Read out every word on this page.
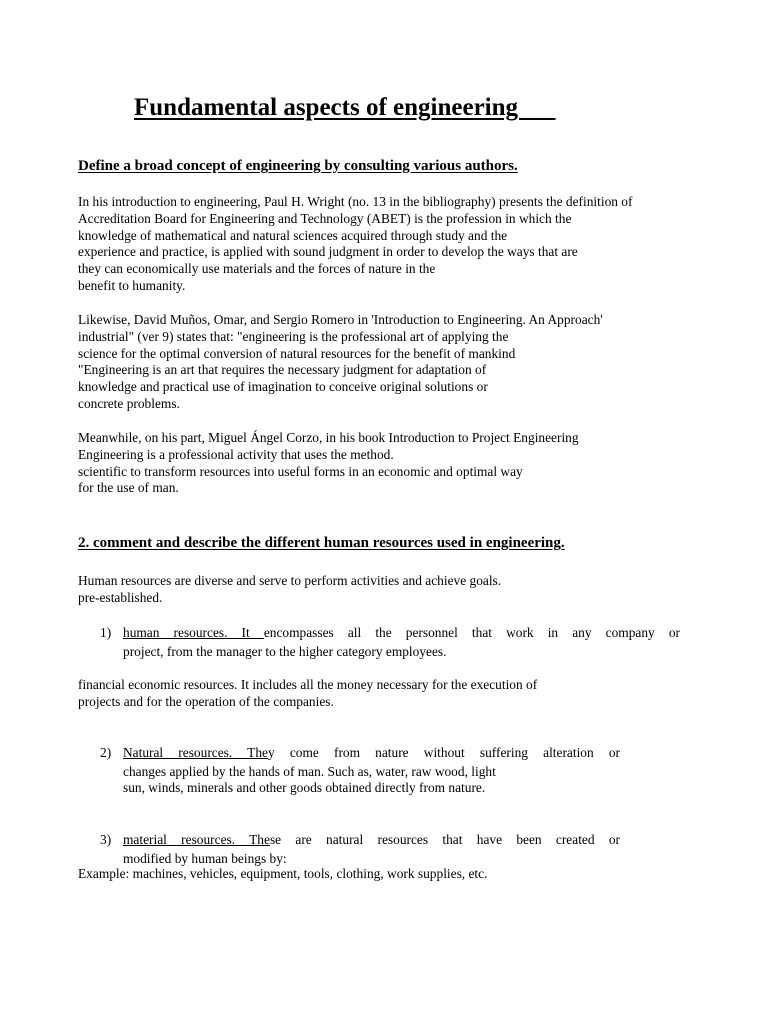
Fundamental aspects of engineering
Define a broad concept of engineering by consulting various authors.
In his introduction to engineering, Paul H. Wright (no. 13 in the bibliography) presents the definition of
Accreditation Board for Engineering and Technology (ABET) is the profession in which the
knowledge of mathematical and natural sciences acquired through study and the
experience and practice, is applied with sound judgment in order to develop the ways that are
they can economically use materials and the forces of nature in the
benefit to humanity.
Likewise, David Muños, Omar, and Sergio Romero in 'Introduction to Engineering. An Approach'
industrial" (ver 9) states that: "engineering is the professional art of applying the
science for the optimal conversion of natural resources for the benefit of mankind
"Engineering is an art that requires the necessary judgment for adaptation of
knowledge and practical use of imagination to conceive original solutions or
concrete problems.
Meanwhile, on his part, Miguel Ángel Corzo, in his book Introduction to Project Engineering
Engineering is a professional activity that uses the method.
scientific to transform resources into useful forms in an economic and optimal way
for the use of man.
2. comment and describe the different human resources used in engineering.
Human resources are diverse and serve to perform activities and achieve goals.
pre-established.
1) human resources. It encompasses all the personnel that work in any company or
project, from the manager to the higher category employees.
financial economic resources. It includes all the money necessary for the execution of
projects and for the operation of the companies.
2) Natural resources. They come from nature without suffering alteration or
changes applied by the hands of man. Such as, water, raw wood, light
sun, winds, minerals and other goods obtained directly from nature.
3) material resources. These are natural resources that have been created or
modified by human beings by:
Example: machines, vehicles, equipment, tools, clothing, work supplies, etc.
